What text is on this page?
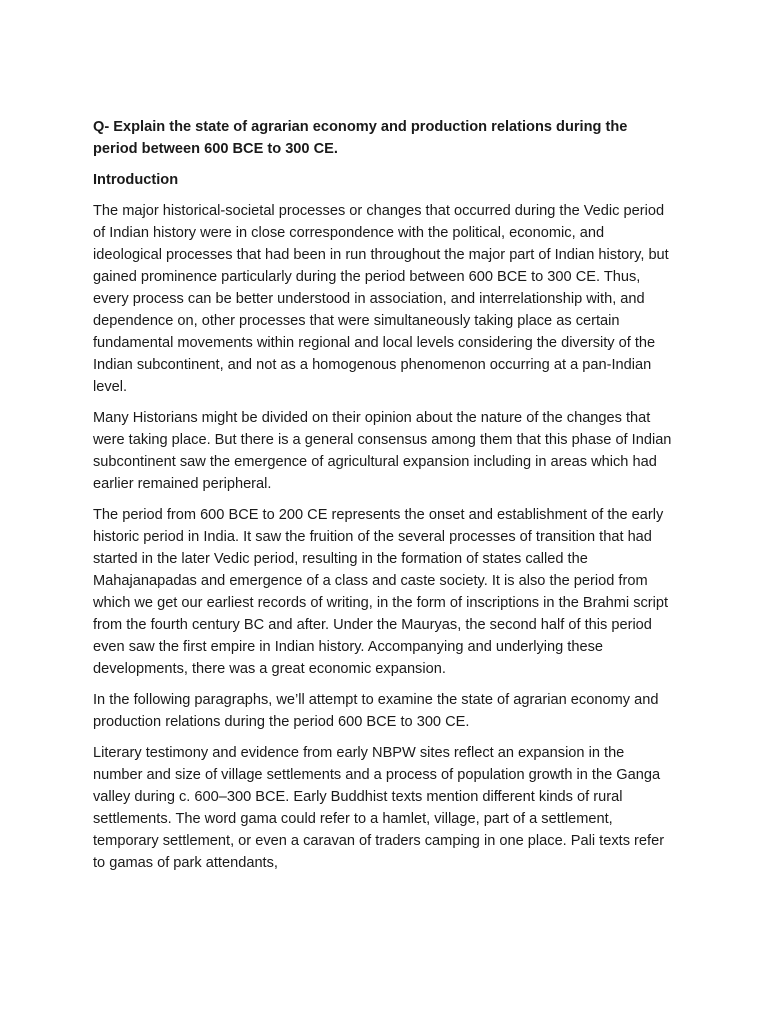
Q- Explain the state of agrarian economy and production relations during the period between 600 BCE to 300 CE.

Introduction

The major historical-societal processes or changes that occurred during the Vedic period of Indian history were in close correspondence with the political, economic, and ideological processes that had been in run throughout the major part of Indian history, but gained prominence particularly during the period between 600 BCE to 300 CE. Thus, every process can be better understood in association, and interrelationship with, and dependence on, other processes that were simultaneously taking place as certain fundamental movements within regional and local levels considering the diversity of the Indian subcontinent, and not as a homogenous phenomenon occurring at a pan-Indian level.

Many Historians might be divided on their opinion about the nature of the changes that were taking place. But there is a general consensus among them that this phase of Indian subcontinent saw the emergence of agricultural expansion including in areas which had earlier remained peripheral.

The period from 600 BCE to 200 CE represents the onset and establishment of the early historic period in India. It saw the fruition of the several processes of transition that had started in the later Vedic period, resulting in the formation of states called the Mahajanapadas and emergence of a class and caste society. It is also the period from which we get our earliest records of writing, in the form of inscriptions in the Brahmi script from the fourth century BC and after. Under the Mauryas, the second half of this period even saw the first empire in Indian history. Accompanying and underlying these developments, there was a great economic expansion.

In the following paragraphs, we’ll attempt to examine the state of agrarian economy and production relations during the period 600 BCE to 300 CE.

Literary testimony and evidence from early NBPW sites reflect an expansion in the number and size of village settlements and a process of population growth in the Ganga valley during c. 600–300 BCE. Early Buddhist texts mention different kinds of rural settlements. The word gama could refer to a hamlet, village, part of a settlement, temporary settlement, or even a caravan of traders camping in one place. Pali texts refer to gamas of park attendants,
